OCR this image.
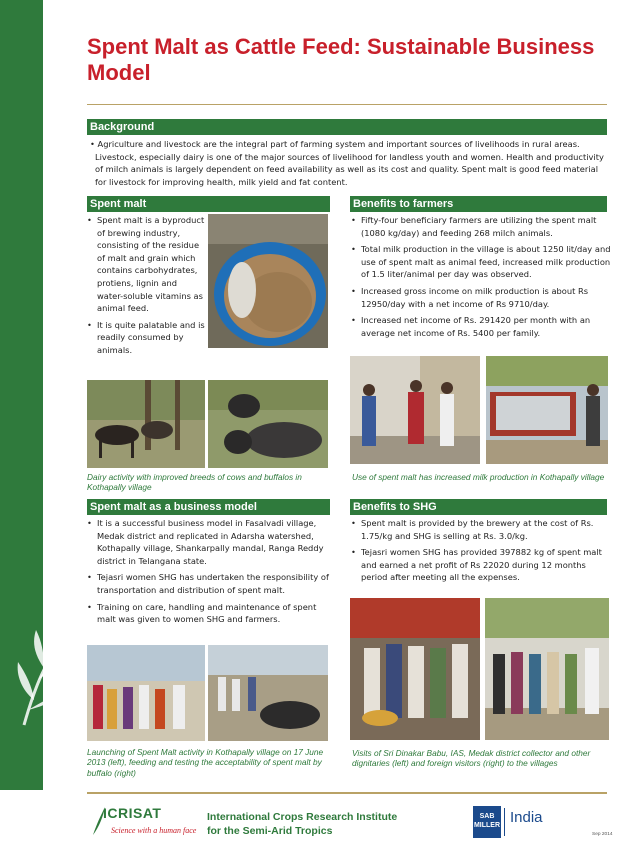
Spent Malt as Cattle Feed: Sustainable Business Model
Background

• Agriculture and livestock are the integral part of farming system and important sources of livelihoods in rural areas. Livestock, especially dairy is one of the major sources of livelihood for landless youth and women. Health and productivity of milch animals is largely dependent on feed availability as well as its cost and quality. Spent malt is good feed material for livestock for improving health, milk yield and fat content.

Spent malt
• Spent malt is a byproduct of brewing industry, consisting of the residue of malt and grain which contains carbohydrates, protiens, lignin and water-soluble vitamins as animal feed.
• It is quite palatable and is readily consumed by animals.

Dairy activity with improved breeds of cows and buffalos in Kothapally village

Benefits to farmers
• Fifty-four beneficiary farmers are utilizing the spent malt (1080 kg/day) and feeding 268 milch animals.
• Total milk production in the village is about 1250 lit/day and use of spent malt as animal feed, increased milk production of 1.5 liter/animal per day was observed.
• Increased gross income on milk production is about Rs 12950/day with a net income of Rs 9710/day.
• Increased net income of Rs. 291420 per month with an average net income of Rs. 5400 per family.

Use of spent malt has increased milk production in Kothapally village

Spent malt as a business model
• It is a successful business model in Fasalvadi village, Medak district and replicated in Adarsha watershed, Kothapally village, Shankarpally mandal, Ranga Reddy district in Telangana state.
• Tejasri women SHG has undertaken the responsibility of transportation and distribution of spent malt.
• Training on care, handling and maintenance of spent malt was given to women SHG and farmers.

Launching of Spent Malt activity in Kothapally village on 17 June 2013 (left), feeding and testing the acceptability of spent malt by buffalo (right)

Benefits to SHG
• Spent malt is provided by the brewery at the cost of Rs. 1.75/kg and SHG is selling at Rs. 3.0/kg.
• Tejasri women SHG has provided 397882 kg of spent malt and earned a net profit of Rs 22020 during 12 months period after meeting all the expenses.

Visits of Sri Dinakar Babu, IAS, Medak district collector and other dignitaries (left) and foreign visitors (right) to the villages

ICRISAT
Science with a human face
International Crops Research Institute
for the Semi-Arid Tropics
SAB MILLER India
Sep 2014
